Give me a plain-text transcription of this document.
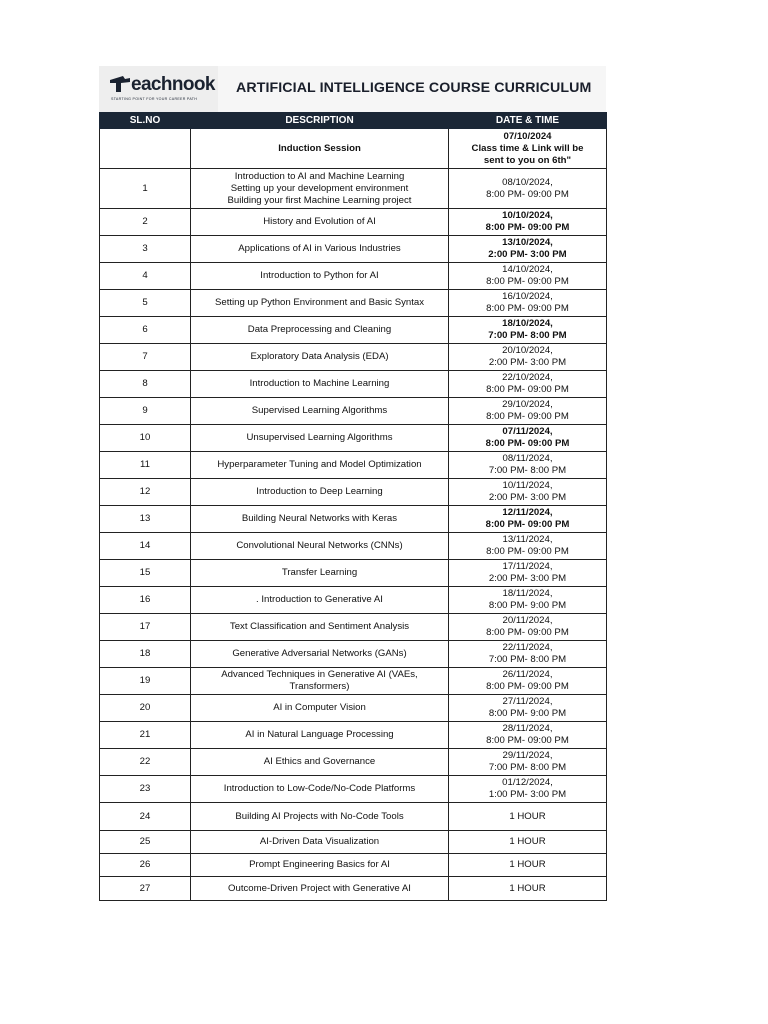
eachnook
STARTING POINT FOR YOUR CAREER PATH
ARTIFICIAL INTELLIGENCE COURSE CURRICULUM
SL.NO	DESCRIPTION	DATE & TIME
	Induction Session	07/10/2024
Class time & Link will be
sent to you on 6th"
1	Introduction to AI and Machine Learning
Setting up your development environment
Building your first Machine Learning project	08/10/2024,
8:00 PM- 09:00 PM
2	History and Evolution of AI	10/10/2024,
8:00 PM- 09:00 PM
3	Applications of AI in Various Industries	13/10/2024,
2:00 PM- 3:00 PM
4	Introduction to Python for AI	14/10/2024,
8:00 PM- 09:00 PM
5	Setting up Python Environment and Basic Syntax	16/10/2024,
8:00 PM- 09:00 PM
6	Data Preprocessing and Cleaning	18/10/2024,
7:00 PM- 8:00 PM
7	Exploratory Data Analysis (EDA)	20/10/2024,
2:00 PM- 3:00 PM
8	Introduction to Machine Learning	22/10/2024,
8:00 PM- 09:00 PM
9	Supervised Learning Algorithms	29/10/2024,
8:00 PM- 09:00 PM
10	Unsupervised Learning Algorithms	07/11/2024,
8:00 PM- 09:00 PM
11	Hyperparameter Tuning and Model Optimization	08/11/2024,
7:00 PM- 8:00 PM
12	Introduction to Deep Learning	10/11/2024,
2:00 PM- 3:00 PM
13	Building Neural Networks with Keras	12/11/2024,
8:00 PM- 09:00 PM
14	Convolutional Neural Networks (CNNs)	13/11/2024,
8:00 PM- 09:00 PM
15	Transfer Learning	17/11/2024,
2:00 PM- 3:00 PM
16	. Introduction to Generative AI	18/11/2024,
8:00 PM- 9:00 PM
17	Text Classification and Sentiment Analysis	20/11/2024,
8:00 PM- 09:00 PM
18	Generative Adversarial Networks (GANs)	22/11/2024,
7:00 PM- 8:00 PM
19	Advanced Techniques in Generative AI (VAEs,
Transformers)	26/11/2024,
8:00 PM- 09:00 PM
20	AI in Computer Vision	27/11/2024,
8:00 PM- 9:00 PM
21	AI in Natural Language Processing	28/11/2024,
8:00 PM- 09:00 PM
22	AI Ethics and Governance	29/11/2024,
7:00 PM- 8:00 PM
23	Introduction to Low-Code/No-Code Platforms	01/12/2024,
1:00 PM- 3:00 PM
24	Building AI Projects with No-Code Tools	1 HOUR
25	AI-Driven Data Visualization	1 HOUR
26	Prompt Engineering Basics for AI	1 HOUR
27	Outcome-Driven Project with Generative AI	1 HOUR
